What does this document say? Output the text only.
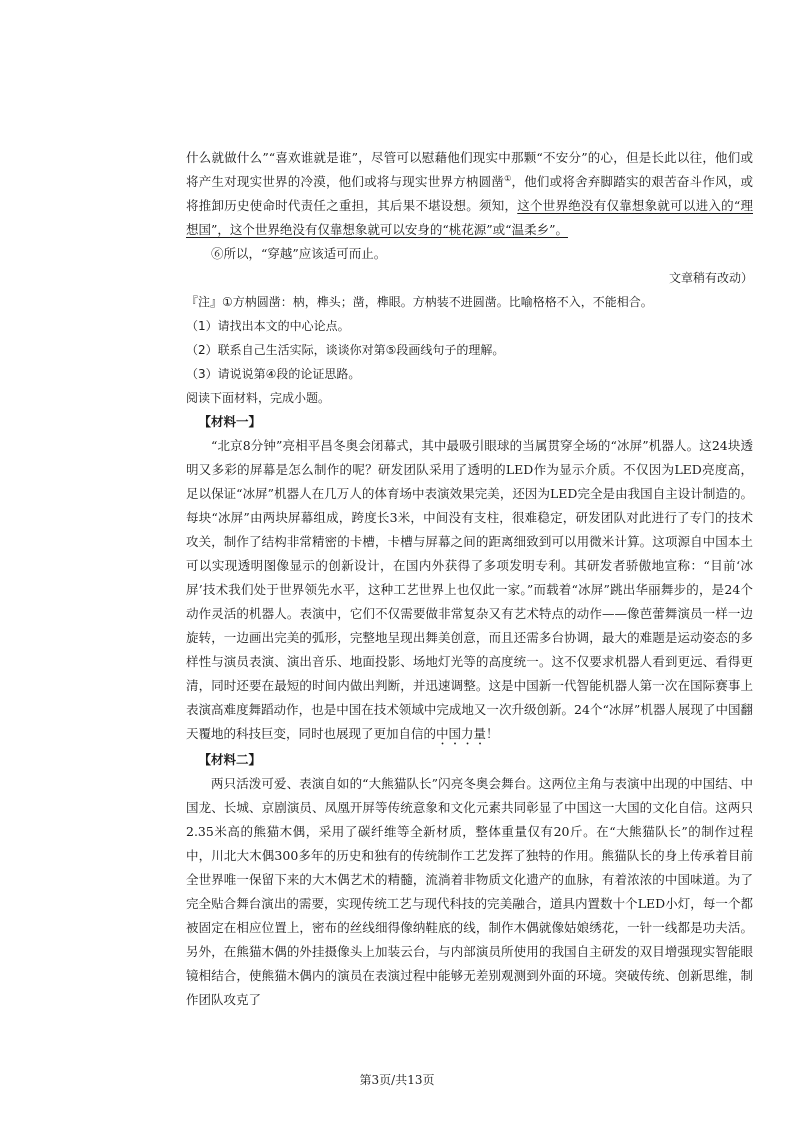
什么就做什么”“喜欢谁就是谁”，尽管可以慰藉他们现实中那颗“不安分”的心，但是长此以往，他们或将产生对现实世界的冷漠，他们或将与现实世界方枘圆凿①，他们或将舍弃脚踏实的艰苦奋斗作风，或将推卸历史使命时代责任之重担，其后果不堪设想。须知，这个世界绝没有仅靠想象就可以进入的“理想国”，这个世界绝没有仅靠想象就可以安身的“桃花源”或“温柔乡”。

⑥所以，“穿越”应该适可而止。

文章稍有改动）

『注』①方枘圆凿：枘，榫头；凿，榫眼。方枘装不进圆凿。比喻格格不入，不能相合。

（1）请找出本文的中心论点。

（2）联系自己生活实际，谈谈你对第⑤段画线句子的理解。

（3）请说说第④段的论证思路。

阅读下面材料，完成小题。

【材料一】

“北京8分钟”亮相平昌冬奥会闭幕式，其中最吸引眼球的当属贯穿全场的“冰屏”机器人。这24块透明又多彩的屏幕是怎么制作的呢？研发团队采用了透明的LED作为显示介质。不仅因为LED亮度高，足以保证“冰屏”机器人在几万人的体育场中表演效果完美，还因为LED完全是由我国自主设计制造的。每块“冰屏”由两块屏幕组成，跨度长3米，中间没有支柱，很难稳定，研发团队对此进行了专门的技术攻关，制作了结构非常精密的卡槽，卡槽与屏幕之间的距离细致到可以用微米计算。这项源自中国本土可以实现透明图像显示的创新设计，在国内外获得了多项发明专利。其研发者骄傲地宣称：“目前‘冰屏’技术我们处于世界领先水平，这种工艺世界上也仅此一家。”而载着“冰屏”跳出华丽舞步的，是24个动作灵活的机器人。表演中，它们不仅需要做非常复杂又有艺术特点的动作——像芭蕾舞演员一样一边旋转，一边画出完美的弧形，完整地呈现出舞美创意，而且还需多台协调，最大的难题是运动姿态的多样性与演员表演、演出音乐、地面投影、场地灯光等的高度统一。这不仅要求机器人看到更远、看得更清，同时还要在最短的时间内做出判断，并迅速调整。这是中国新一代智能机器人第一次在国际赛事上表演高难度舞蹈动作，也是中国在技术领域中完成地又一次升级创新。24个“冰屏”机器人展现了中国翻天覆地的科技巨变，同时也展现了更加自信的中国力量！

【材料二】

两只活泼可爱、表演自如的“大熊猫队长”闪亮冬奥会舞台。这两位主角与表演中出现的中国结、中国龙、长城、京剧演员、凤凰开屏等传统意象和文化元素共同彰显了中国这一大国的文化自信。这两只2.35米高的熊猫木偶，采用了碳纤维等全新材质，整体重量仅有20斤。在“大熊猫队长”的制作过程中，川北大木偶300多年的历史和独有的传统制作工艺发挥了独特的作用。熊猫队长的身上传承着目前全世界唯一保留下来的大木偶艺术的精髓，流淌着非物质文化遗产的血脉，有着浓浓的中国味道。为了完全贴合舞台演出的需要，实现传统工艺与现代科技的完美融合，道具内置数十个LED小灯，每一个都被固定在相应位置上，密布的丝线细得像纳鞋底的线，制作木偶就像姑娘绣花，一针一线都是功夫活。另外，在熊猫木偶的外挂摄像头上加装云台，与内部演员所使用的我国自主研发的双目增强现实智能眼镜相结合，使熊猫木偶内的演员在表演过程中能够无差别观测到外面的环境。突破传统、创新思维，制作团队攻克了

第3页/共13页
